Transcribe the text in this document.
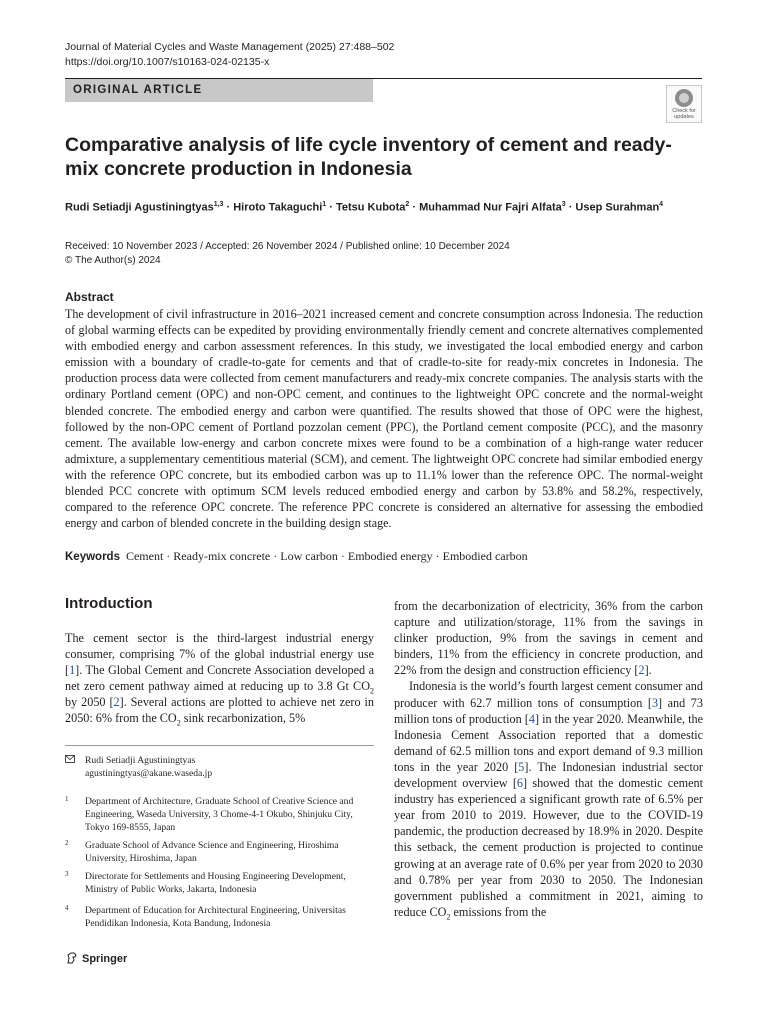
Journal of Material Cycles and Waste Management (2025) 27:488–502
https://doi.org/10.1007/s10163-024-02135-x
ORIGINAL ARTICLE
Check for
updates
Comparative analysis of life cycle inventory of cement and ready-mix concrete production in Indonesia
Rudi Setiadji Agustiningtyas$^{1,3}$ · Hiroto Takaguchi$^1$ · Tetsu Kubota$^2$ · Muhammad Nur Fajri Alfata$^3$ · Usep Surahman$^4$
Received: 10 November 2023 / Accepted: 26 November 2024 / Published online: 10 December 2024
© The Author(s) 2024
Abstract
The development of civil infrastructure in 2016–2021 increased cement and concrete consumption across Indonesia. The reduction of global warming effects can be expedited by providing environmentally friendly cement and concrete alternatives complemented with embodied energy and carbon assessment references. In this study, we investigated the local embodied energy and carbon emission with a boundary of cradle-to-gate for cements and that of cradle-to-site for ready-mix concretes in Indonesia. The production process data were collected from cement manufacturers and ready-mix concrete companies. The analysis starts with the ordinary Portland cement (OPC) and non-OPC cement, and continues to the lightweight OPC concrete and the normal-weight blended concrete. The embodied energy and carbon were quantified. The results showed that those of OPC were the highest, followed by the non-OPC cement of Portland pozzolan cement (PPC), the Portland cement composite (PCC), and the masonry cement. The available low-energy and carbon concrete mixes were found to be a combination of a high-range water reducer admixture, a supplementary cementitious material (SCM), and cement. The lightweight OPC concrete had similar embodied energy with the reference OPC concrete, but its embodied carbon was up to 11.1% lower than the reference OPC. The normal-weight blended PCC concrete with optimum SCM levels reduced embodied energy and carbon by 53.8% and 58.2%, respectively, compared to the reference OPC concrete. The reference PPC concrete is considered an alternative for assessing the embodied energy and carbon of blended concrete in the building design stage.
Keywords Cement · Ready-mix concrete · Low carbon · Embodied energy · Embodied carbon
Introduction

The cement sector is the third-largest industrial energy consumer, comprising 7% of the global industrial energy use [1]. The Global Cement and Concrete Association developed a net zero cement pathway aimed at reducing up to 3.8 Gt $CO_2$ by 2050 [2]. Several actions are plotted to achieve net zero in 2050: 6% from the $CO_2$ sink recarbonization, 5%

Rudi Setiadji Agustiningtyas
agustiningtyas@akane.waseda.jp
1 Department of Architecture, Graduate School of Creative Science and Engineering, Waseda University, 3 Chome-4-1 Okubo, Shinjuku City, Tokyo 169-8555, Japan
2 Graduate School of Advance Science and Engineering, Hiroshima University, Hiroshima, Japan
3 Directorate for Settlements and Housing Engineering Development, Ministry of Public Works, Jakarta, Indonesia
4 Department of Education for Architectural Engineering, Universitas Pendidikan Indonesia, Kota Bandung, Indonesia

from the decarbonization of electricity, 36% from the carbon capture and utilization/storage, 11% from the savings in clinker production, 9% from the savings in cement and binders, 11% from the efficiency in concrete production, and 22% from the design and construction efficiency [2].

Indonesia is the world’s fourth largest cement consumer and producer with 62.7 million tons of consumption [3] and 73 million tons of production [4] in the year 2020. Meanwhile, the Indonesia Cement Association reported that a domestic demand of 62.5 million tons and export demand of 9.3 million tons in the year 2020 [5]. The Indonesian industrial sector development overview [6] showed that the domestic cement industry has experienced a significant growth rate of 6.5% per year from 2010 to 2019. However, due to the COVID-19 pandemic, the production decreased by 18.9% in 2020. Despite this setback, the cement production is projected to continue growing at an average rate of 0.6% per year from 2020 to 2030 and 0.78% per year from 2030 to 2050. The Indonesian government published a commitment in 2021, aiming to reduce $CO_2$ emissions from the

Springer
